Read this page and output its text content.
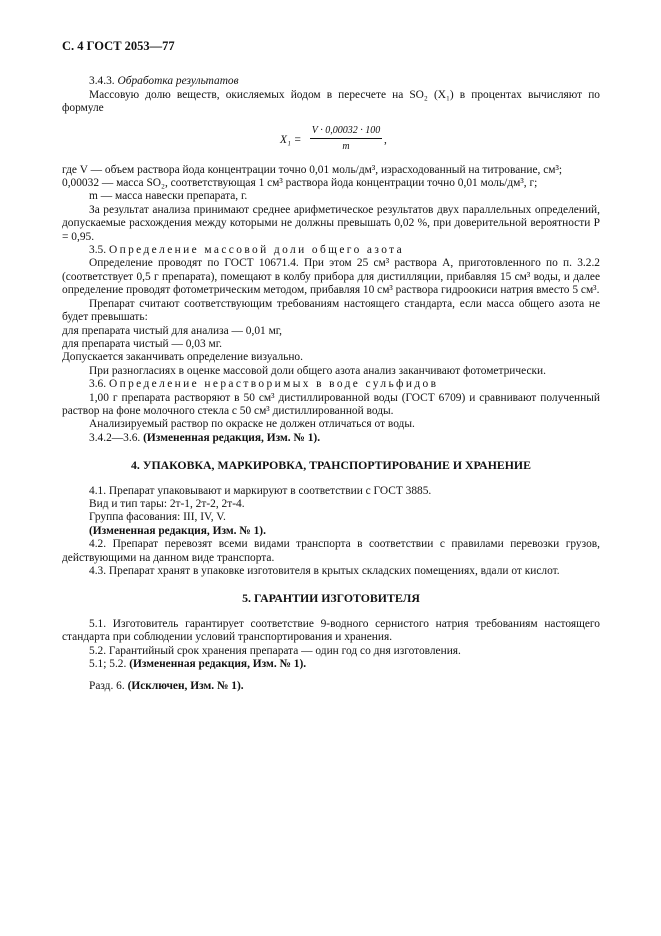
С. 4 ГОСТ 2053—77

3.4.3. Обработка результатов

Массовую долю веществ, окисляемых йодом в пересчете на SO₂ (X₁) в процентах вычисляют по формуле

$X_1 = \frac{V \cdot 0,00032 \cdot 100}{m}$ ,

где V — объем раствора йода концентрации точно 0,01 моль/дм³, израсходованный на титрование, см³;

0,00032 — масса SO₂, соответствующая 1 см³ раствора йода концентрации точно 0,01 моль/дм³, г;

m — масса навески препарата, г.

За результат анализа принимают среднее арифметическое результатов двух параллельных определений, допускаемые расхождения между которыми не должны превышать 0,02 %, при доверительной вероятности P = 0,95.

3.5. Определение массовой доли общего азота

Определение проводят по ГОСТ 10671.4. При этом 25 см³ раствора А, приготовленного по п. 3.2.2 (соответствует 0,5 г препарата), помещают в колбу прибора для дистилляции, прибавляя 15 см³ воды, и далее определение проводят фотометрическим методом, прибавляя 10 см³ раствора гидроокиси натрия вместо 5 см³.

Препарат считают соответствующим требованиям настоящего стандарта, если масса общего азота не будет превышать:

для препарата чистый для анализа — 0,01 мг,

для препарата чистый — 0,03 мг.

Допускается заканчивать определение визуально.

При разногласиях в оценке массовой доли общего азота анализ заканчивают фотометрически.

3.6. Определение нерастворимых в воде сульфидов

1,00 г препарата растворяют в 50 см³ дистиллированной воды (ГОСТ 6709) и сравнивают полученный раствор на фоне молочного стекла с 50 см³ дистиллированной воды.

Анализируемый раствор по окраске не должен отличаться от воды.

3.4.2—3.6. (Измененная редакция, Изм. № 1).

4. УПАКОВКА, МАРКИРОВКА, ТРАНСПОРТИРОВАНИЕ И ХРАНЕНИЕ

4.1. Препарат упаковывают и маркируют в соответствии с ГОСТ 3885.

Вид и тип тары: 2т-1, 2т-2, 2т-4.

Группа фасования: III, IV, V.

(Измененная редакция, Изм. № 1).

4.2. Препарат перевозят всеми видами транспорта в соответствии с правилами перевозки грузов, действующими на данном виде транспорта.

4.3. Препарат хранят в упаковке изготовителя в крытых складских помещениях, вдали от кислот.

5. ГАРАНТИИ ИЗГОТОВИТЕЛЯ

5.1. Изготовитель гарантирует соответствие 9-водного сернистого натрия требованиям настоящего стандарта при соблюдении условий транспортирования и хранения.

5.2. Гарантийный срок хранения препарата — один год со дня изготовления.

5.1; 5.2. (Измененная редакция, Изм. № 1).

Разд. 6. (Исключен, Изм. № 1).
